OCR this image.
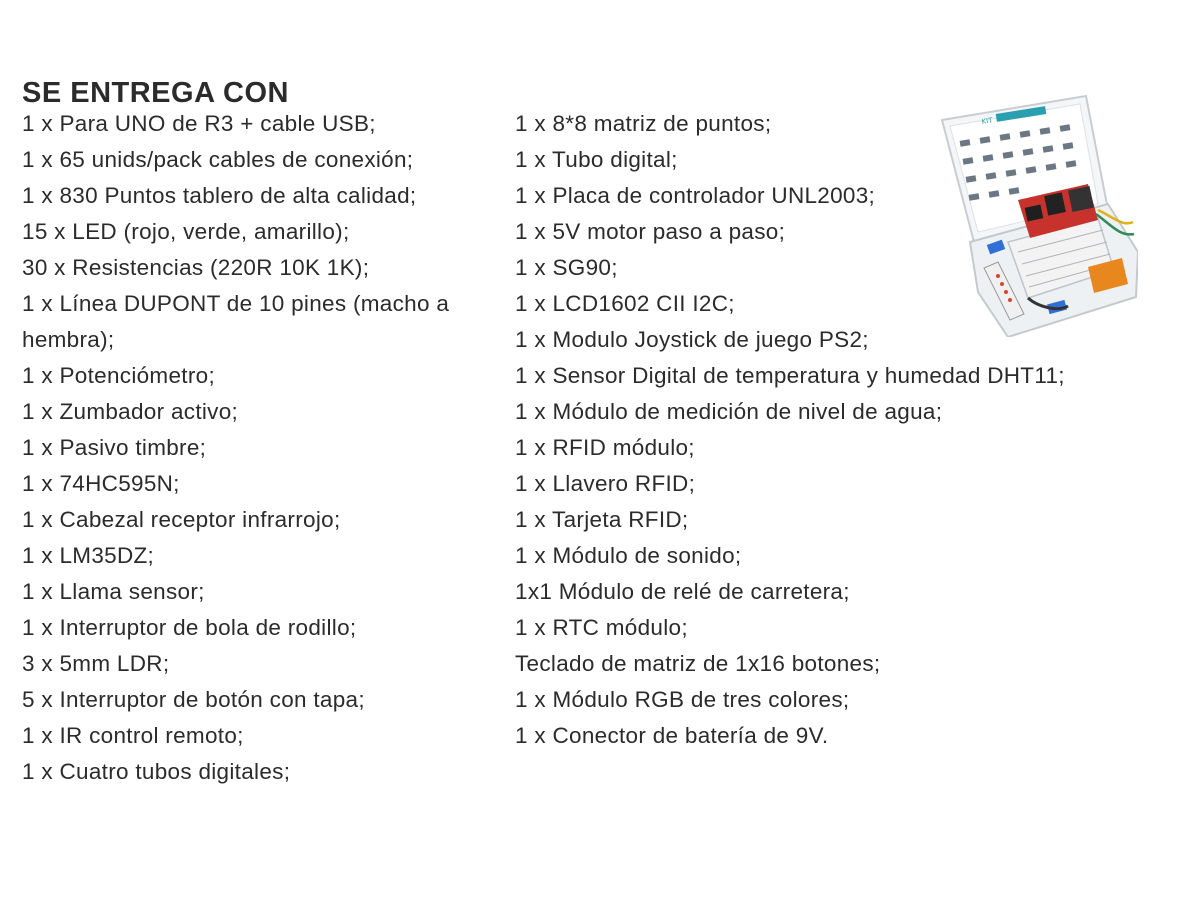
SE ENTREGA CON
1 x Para UNO de R3 + cable USB;
1 x 65 unids/pack cables de conexión;
1 x 830 Puntos tablero de alta calidad;
15 x LED (rojo, verde, amarillo);
30 x Resistencias (220R 10K 1K);
1 x Línea DUPONT de 10 pines (macho a hembra);
1 x Potenciómetro;
1 x Zumbador activo;
1 x Pasivo timbre;
1 x 74HC595N;
1 x Cabezal receptor infrarrojo;
1 x LM35DZ;
1 x Llama sensor;
1 x Interruptor de bola de rodillo;
3 x 5mm LDR;
5 x Interruptor de botón con tapa;
1 x IR control remoto;
1 x Cuatro tubos digitales;
1 x 8*8 matriz de puntos;
1 x Tubo digital;
1 x Placa de controlador UNL2003;
1 x 5V motor paso a paso;
1 x SG90;
1 x LCD1602 CII I2C;
1 x Modulo Joystick de juego PS2;
1 x Sensor Digital de temperatura y humedad DHT11;
1 x Módulo de medición de nivel de agua;
1 x RFID módulo;
1 x Llavero RFID;
1 x Tarjeta RFID;
1 x Módulo de sonido;
1x1 Módulo de relé de carretera;
1 x RTC módulo;
Teclado de matriz de 1x16 botones;
1 x Módulo RGB de tres colores;
1 x Conector de batería de 9V.
KIT
